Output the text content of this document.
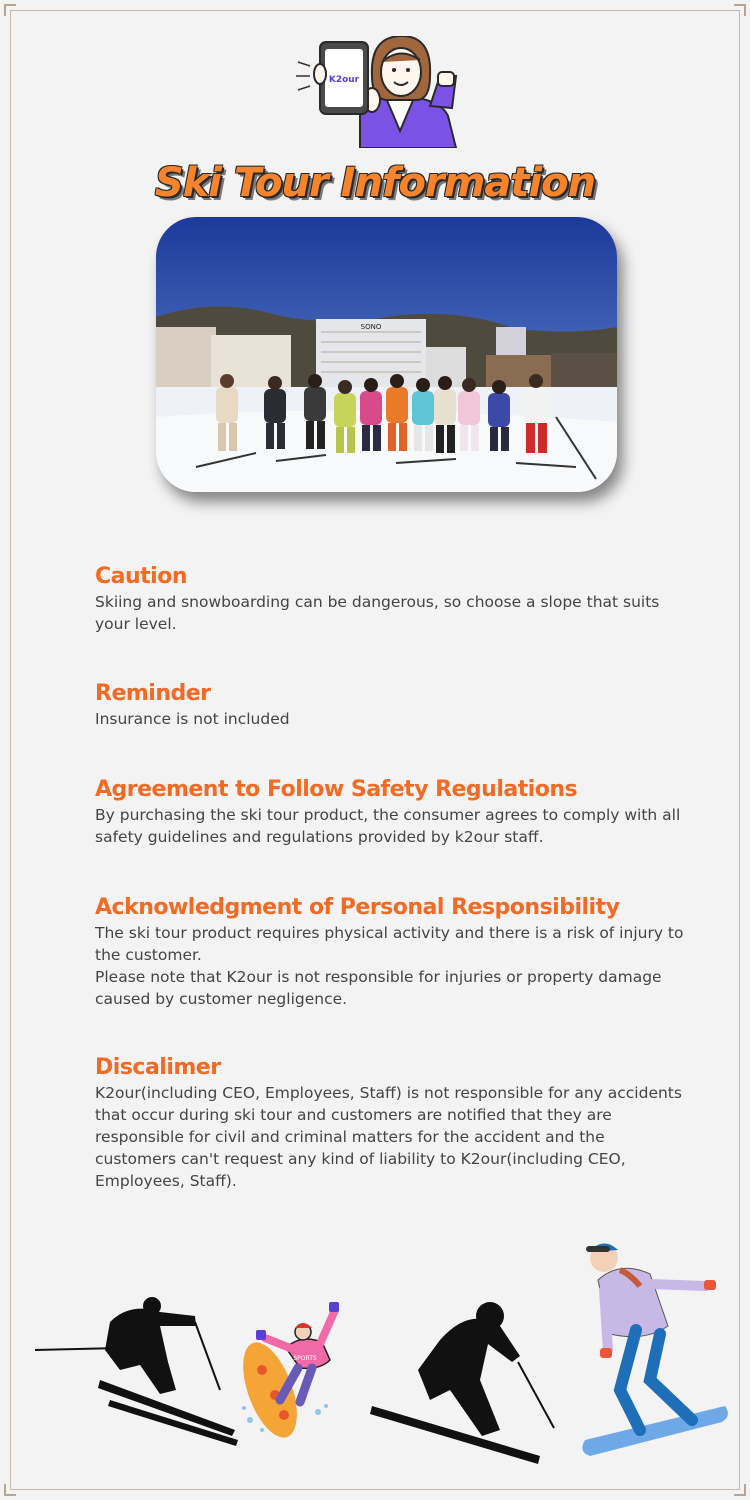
K2our
Ski Tour Information
SONO
Caution

Skiing and snowboarding can be dangerous, so choose a slope that suits your level.

Reminder

Insurance is not included

Agreement to Follow Safety Regulations

By purchasing the ski tour product, the consumer agrees to comply with all safety guidelines and regulations provided by k2our staff.

Acknowledgment of Personal Responsibility

The ski tour product requires physical activity and there is a risk of injury to the customer.

Please note that K2our is not responsible for injuries or property damage caused by customer negligence.

Discalimer

K2our(including CEO, Employees, Staff) is not responsible for any accidents that occur during ski tour and customers are notified that they are responsible for civil and criminal matters for the accident and the customers can't request any kind of liability to K2our(including CEO, Employees, Staff).

SPORTS
